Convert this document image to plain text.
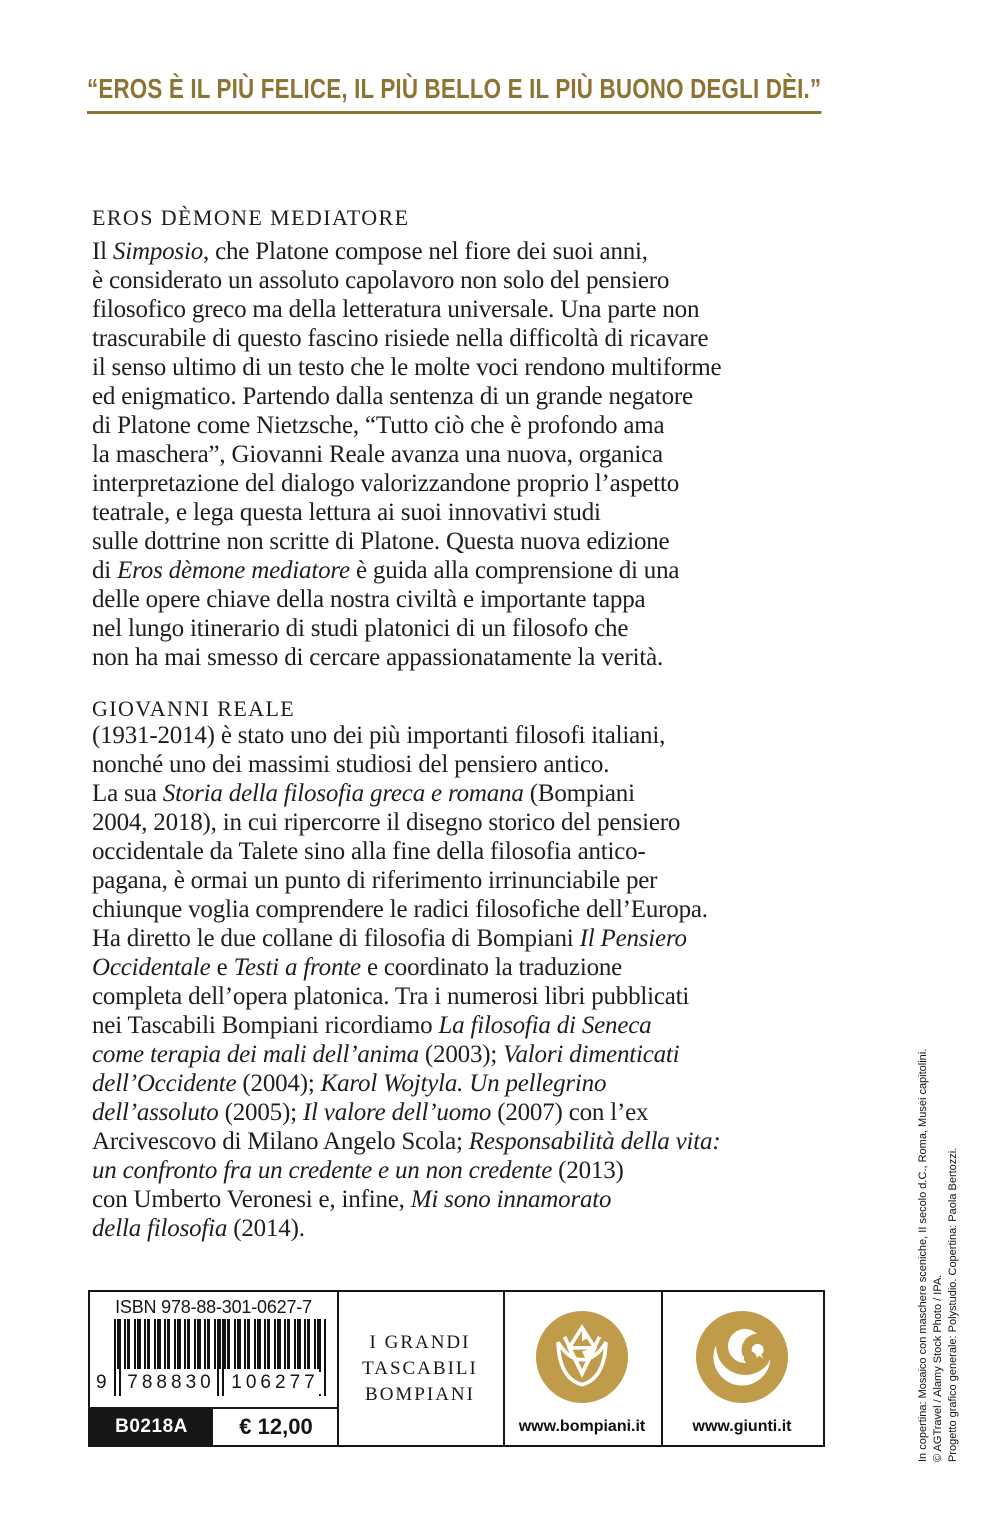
“EROS È IL PIÙ FELICE, IL PIÙ BELLO E IL PIÙ BUONO DEGLI DÈI.”
EROS DÈMONE MEDIATORE
Il Simposio, che Platone compose nel fiore dei suoi anni,
è considerato un assoluto capolavoro non solo del pensiero
filosofico greco ma della letteratura universale. Una parte non
trascurabile di questo fascino risiede nella difficoltà di ricavare
il senso ultimo di un testo che le molte voci rendono multiforme
ed enigmatico. Partendo dalla sentenza di un grande negatore
di Platone come Nietzsche, “Tutto ciò che è profondo ama
la maschera”, Giovanni Reale avanza una nuova, organica
interpretazione del dialogo valorizzandone proprio l’aspetto
teatrale, e lega questa lettura ai suoi innovativi studi
sulle dottrine non scritte di Platone. Questa nuova edizione
di Eros dèmone mediatore è guida alla comprensione di una
delle opere chiave della nostra civiltà e importante tappa
nel lungo itinerario di studi platonici di un filosofo che
non ha mai smesso di cercare appassionatamente la verità.
GIOVANNI REALE
(1931-2014) è stato uno dei più importanti filosofi italiani,
nonché uno dei massimi studiosi del pensiero antico.
La sua Storia della filosofia greca e romana (Bompiani
2004, 2018), in cui ripercorre il disegno storico del pensiero
occidentale da Talete sino alla fine della filosofia antico-
pagana, è ormai un punto di riferimento irrinunciabile per
chiunque voglia comprendere le radici filosofiche dell’Europa.
Ha diretto le due collane di filosofia di Bompiani Il Pensiero
Occidentale e Testi a fronte e coordinato la traduzione
completa dell’opera platonica. Tra i numerosi libri pubblicati
nei Tascabili Bompiani ricordiamo La filosofia di Seneca
come terapia dei mali dell’anima (2003); Valori dimenticati
dell’Occidente (2004); Karol Wojtyla. Un pellegrino
dell’assoluto (2005); Il valore dell’uomo (2007) con l’ex
Arcivescovo di Milano Angelo Scola; Responsabilità della vita:
un confronto fra un credente e un non credente (2013)
con Umberto Veronesi e, infine, Mi sono innamorato
della filosofia (2014).
ISBN 978-88-301-0627-7
9 788830 106277
B0218A	€ 12,00
I GRANDI
TASCABILI
BOMPIANI
www.bompiani.it	www.giunti.it	In copertina: Mosaico con maschere sceniche, II secolo d.C., Roma, Musei capitolini. © AGTravel / Alamy Stock Photo / IPA. Progetto grafico generale: Polystudio. Copertina: Paola Bertozzi.
